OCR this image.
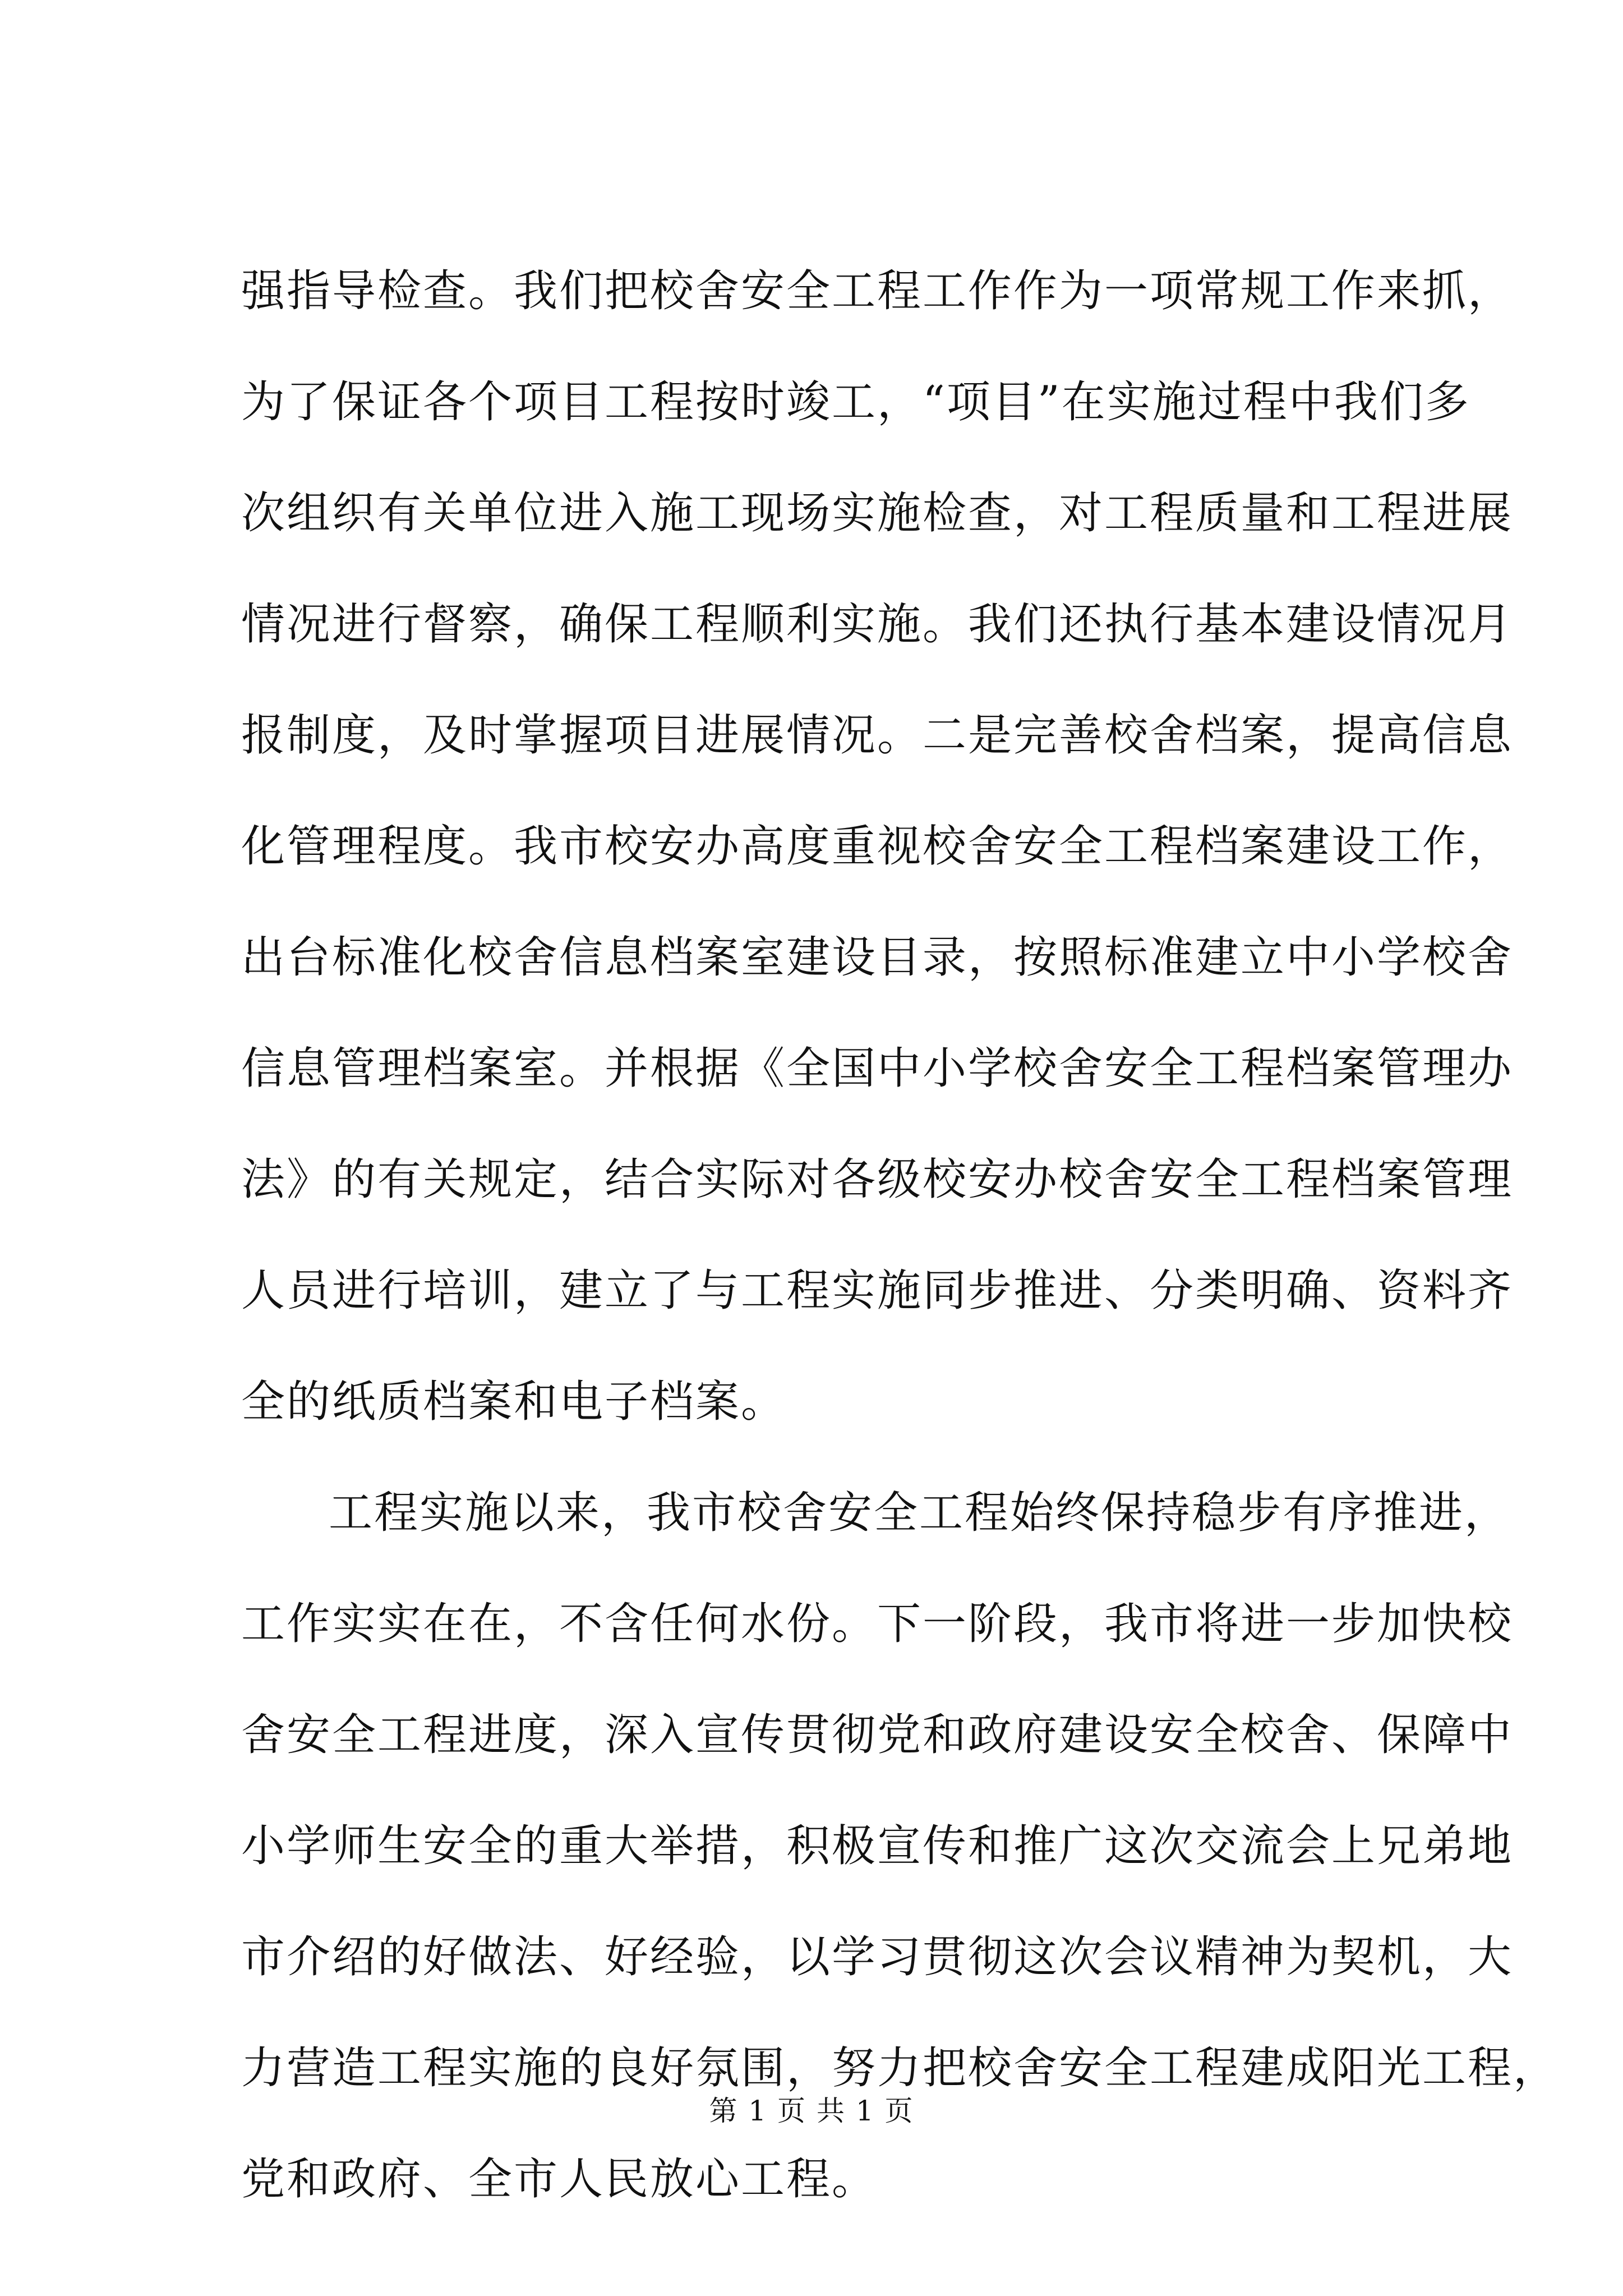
强指导检查。我们把校舍安全工程工作作为一项常规工作来抓，
为了保证各个项目工程按时竣工，“项目”在实施过程中我们多
次组织有关单位进入施工现场实施检查，对工程质量和工程进展
情况进行督察，确保工程顺利实施。我们还执行基本建设情况月
报制度，及时掌握项目进展情况。二是完善校舍档案，提高信息
化管理程度。我市校安办高度重视校舍安全工程档案建设工作，
出台标准化校舍信息档案室建设目录，按照标准建立中小学校舍
信息管理档案室。并根据《全国中小学校舍安全工程档案管理办
法》的有关规定，结合实际对各级校安办校舍安全工程档案管理
人员进行培训，建立了与工程实施同步推进、分类明确、资料齐
全的纸质档案和电子档案。
工程实施以来，我市校舍安全工程始终保持稳步有序推进，
工作实实在在，不含任何水份。下一阶段，我市将进一步加快校
舍安全工程进度，深入宣传贯彻党和政府建设安全校舍、保障中
小学师生安全的重大举措，积极宣传和推广这次交流会上兄弟地
市介绍的好做法、好经验，以学习贯彻这次会议精神为契机，大
力营造工程实施的良好氛围，努力把校舍安全工程建成阳光工程，
党和政府、全市人民放心工程。
第 1 页 共 1 页
